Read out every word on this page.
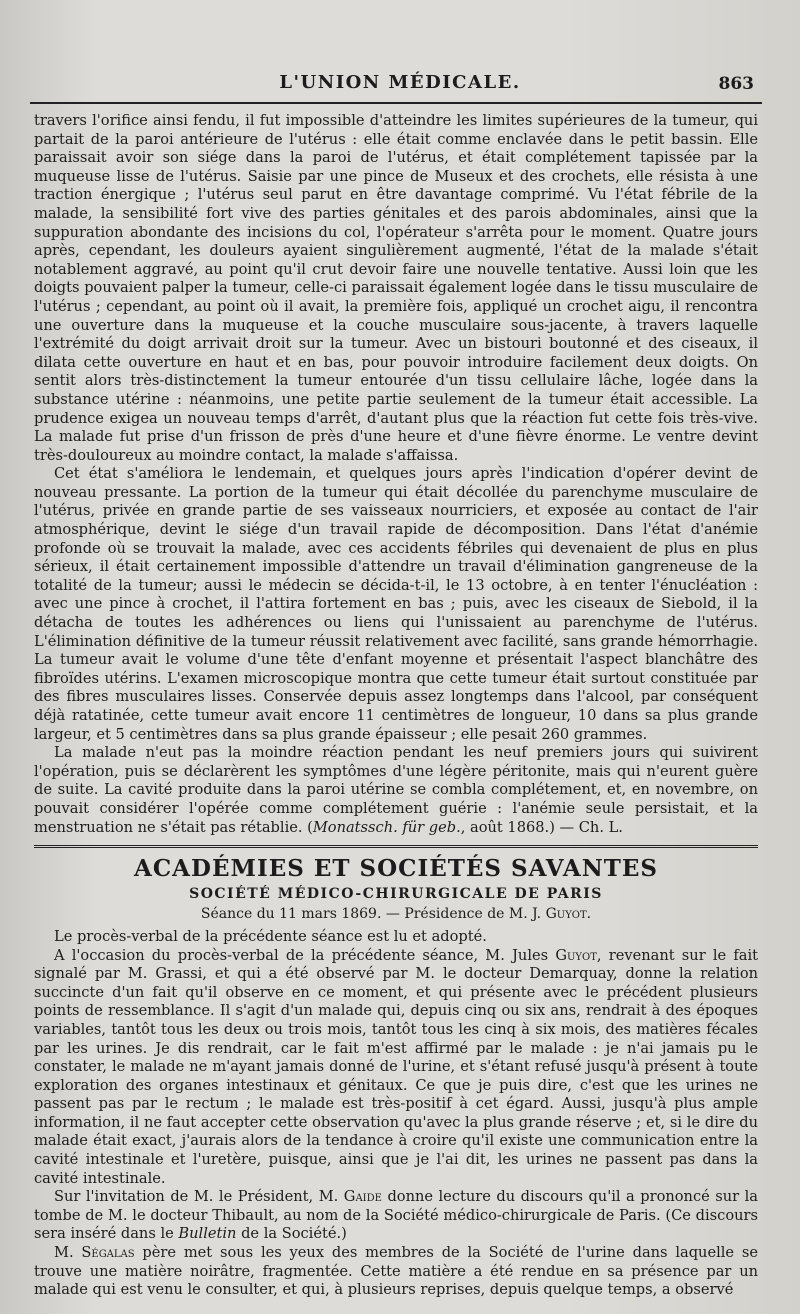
L'UNION MÉDICALE.	863

travers l'orifice ainsi fendu, il fut impossible d'atteindre les limites supérieures de la tumeur, qui partait de la paroi antérieure de l'utérus : elle était comme enclavée dans le petit bassin. Elle paraissait avoir son siége dans la paroi de l'utérus, et était complétement tapissée par la muqueuse lisse de l'utérus. Saisie par une pince de Museux et des crochets, elle résista à une traction énergique ; l'utérus seul parut en être davantage comprimé. Vu l'état fébrile de la malade, la sensibilité fort vive des parties génitales et des parois abdominales, ainsi que la suppuration abondante des incisions du col, l'opérateur s'arrêta pour le moment. Quatre jours après, cependant, les douleurs ayaient singulièrement augmenté, l'état de la malade s'était notablement aggravé, au point qu'il crut devoir faire une nouvelle tentative. Aussi loin que les doigts pouvaient palper la tumeur, celle-ci paraissait également logée dans le tissu musculaire de l'utérus ; cependant, au point où il avait, la première fois, appliqué un crochet aigu, il rencontra une ouverture dans la muqueuse et la couche musculaire sous-jacente, à travers laquelle l'extrémité du doigt arrivait droit sur la tumeur. Avec un bistouri boutonné et des ciseaux, il dilata cette ouverture en haut et en bas, pour pouvoir introduire facilement deux doigts. On sentit alors très-distinctement la tumeur entourée d'un tissu cellulaire lâche, logée dans la substance utérine : néanmoins, une petite partie seulement de la tumeur était accessible. La prudence exigea un nouveau temps d'arrêt, d'autant plus que la réaction fut cette fois très-vive. La malade fut prise d'un frisson de près d'une heure et d'une fièvre énorme. Le ventre devint très-douloureux au moindre contact, la malade s'affaissa.

Cet état s'améliora le lendemain, et quelques jours après l'indication d'opérer devint de nouveau pressante. La portion de la tumeur qui était décollée du parenchyme musculaire de l'utérus, privée en grande partie de ses vaisseaux nourriciers, et exposée au contact de l'air atmosphérique, devint le siége d'un travail rapide de décomposition. Dans l'état d'anémie profonde où se trouvait la malade, avec ces accidents fébriles qui devenaient de plus en plus sérieux, il était certainement impossible d'attendre un travail d'élimination gangreneuse de la totalité de la tumeur; aussi le médecin se décida-t-il, le 13 octobre, à en tenter l'énucléation : avec une pince à crochet, il l'attira fortement en bas ; puis, avec les ciseaux de Siebold, il la détacha de toutes les adhérences ou liens qui l'unissaient au parenchyme de l'utérus. L'élimination définitive de la tumeur réussit relativement avec facilité, sans grande hémorrhagie. La tumeur avait le volume d'une tête d'enfant moyenne et présentait l'aspect blanchâtre des fibroïdes utérins. L'examen microscopique montra que cette tumeur était surtout constituée par des fibres musculaires lisses. Conservée depuis assez longtemps dans l'alcool, par conséquent déjà ratatinée, cette tumeur avait encore 11 centimètres de longueur, 10 dans sa plus grande largeur, et 5 centimètres dans sa plus grande épaisseur ; elle pesait 260 grammes.

La malade n'eut pas la moindre réaction pendant les neuf premiers jours qui suivirent l'opération, puis se déclarèrent les symptômes d'une légère péritonite, mais qui n'eurent guère de suite. La cavité produite dans la paroi utérine se combla complétement, et, en novembre, on pouvait considérer l'opérée comme complétement guérie : l'anémie seule persistait, et la menstruation ne s'était pas rétablie. (Monatssch. für geb., août 1868.) — Ch. L.

ACADÉMIES ET SOCIÉTÉS SAVANTES
SOCIÉTÉ MÉDICO-CHIRURGICALE DE PARIS
Séance du 11 mars 1869. — Présidence de M. J. Guyot.

Le procès-verbal de la précédente séance est lu et adopté.

A l'occasion du procès-verbal de la précédente séance, M. Jules Guyot, revenant sur le fait signalé par M. Grassi, et qui a été observé par M. le docteur Demarquay, donne la relation succincte d'un fait qu'il observe en ce moment, et qui présente avec le précédent plusieurs points de ressemblance. Il s'agit d'un malade qui, depuis cinq ou six ans, rendrait à des époques variables, tantôt tous les deux ou trois mois, tantôt tous les cinq à six mois, des matières fécales par les urines. Je dis rendrait, car le fait m'est affirmé par le malade : je n'ai jamais pu le constater, le malade ne m'ayant jamais donné de l'urine, et s'étant refusé jusqu'à présent à toute exploration des organes intestinaux et génitaux. Ce que je puis dire, c'est que les urines ne passent pas par le rectum ; le malade est très-positif à cet égard. Aussi, jusqu'à plus ample information, il ne faut accepter cette observation qu'avec la plus grande réserve ; et, si le dire du malade était exact, j'aurais alors de la tendance à croire qu'il existe une communication entre la cavité intestinale et l'uretère, puisque, ainsi que je l'ai dit, les urines ne passent pas dans la cavité intestinale.

Sur l'invitation de M. le Président, M. Gaide donne lecture du discours qu'il a prononcé sur la tombe de M. le docteur Thibault, au nom de la Société médico-chirurgicale de Paris. (Ce discours sera inséré dans le Bulletin de la Société.)

M. Ségalas père met sous les yeux des membres de la Société de l'urine dans laquelle se trouve une matière noirâtre, fragmentée. Cette matière a été rendue en sa présence par un malade qui est venu le consulter, et qui, à plusieurs reprises, depuis quelque temps, a observé
